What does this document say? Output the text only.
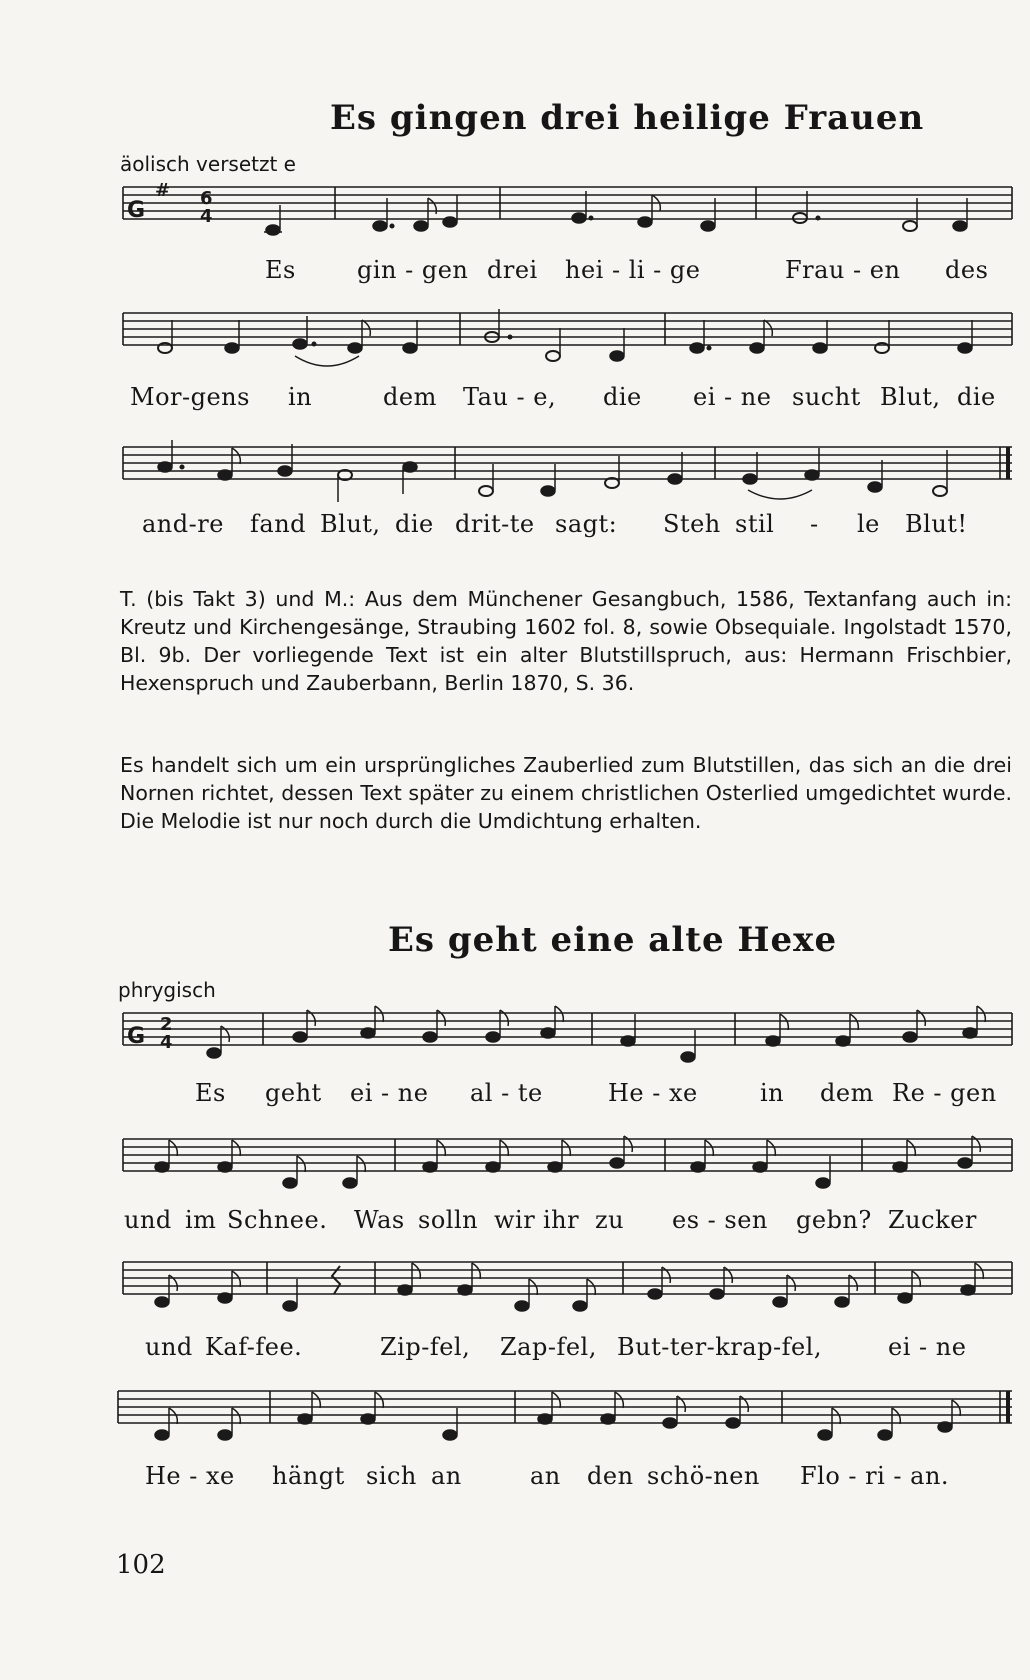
Es gingen drei heilige Frauen
äolisch versetzt e
G
# 6
4
G 2
4
Es	gin - gen drei hei - li - ge	Frau - en des
Mor-gens in	dem Tau - e, die ei - ne sucht Blut, die
and-re fand Blut, die drit-te sagt: Steh stil - le Blut!
T. (bis Takt 3) und M.: Aus dem Münchener Gesangbuch, 1586, Textanfang auch in: Kreutz und Kirchengesänge, Straubing 1602 fol. 8, sowie Obsequiale. Ingolstadt 1570, Bl. 9b. Der vorliegende Text ist ein alter Blutstillspruch, aus: Hermann Frischbier, Hexenspruch und Zauberbann, Berlin 1870, S. 36.
Es handelt sich um ein ursprüngliches Zauberlied zum Blutstillen, das sich an die drei Nornen richtet, dessen Text später zu einem christlichen Osterlied umgedichtet wurde. Die Melodie ist nur noch durch die Umdichtung erhalten.
Es geht eine alte Hexe
phrygisch
Es geht ei - ne al - te	He - xe	in dem Re - gen
und im Schnee. Was solln wir ihr zu es - sen gebn? Zucker
und Kaf-fee.	Zip-fel, Zap-fel, But-ter-krap-fel,	ei - ne
He - xe hängt sich an	an den schö-nen Flo - ri - an.
102
